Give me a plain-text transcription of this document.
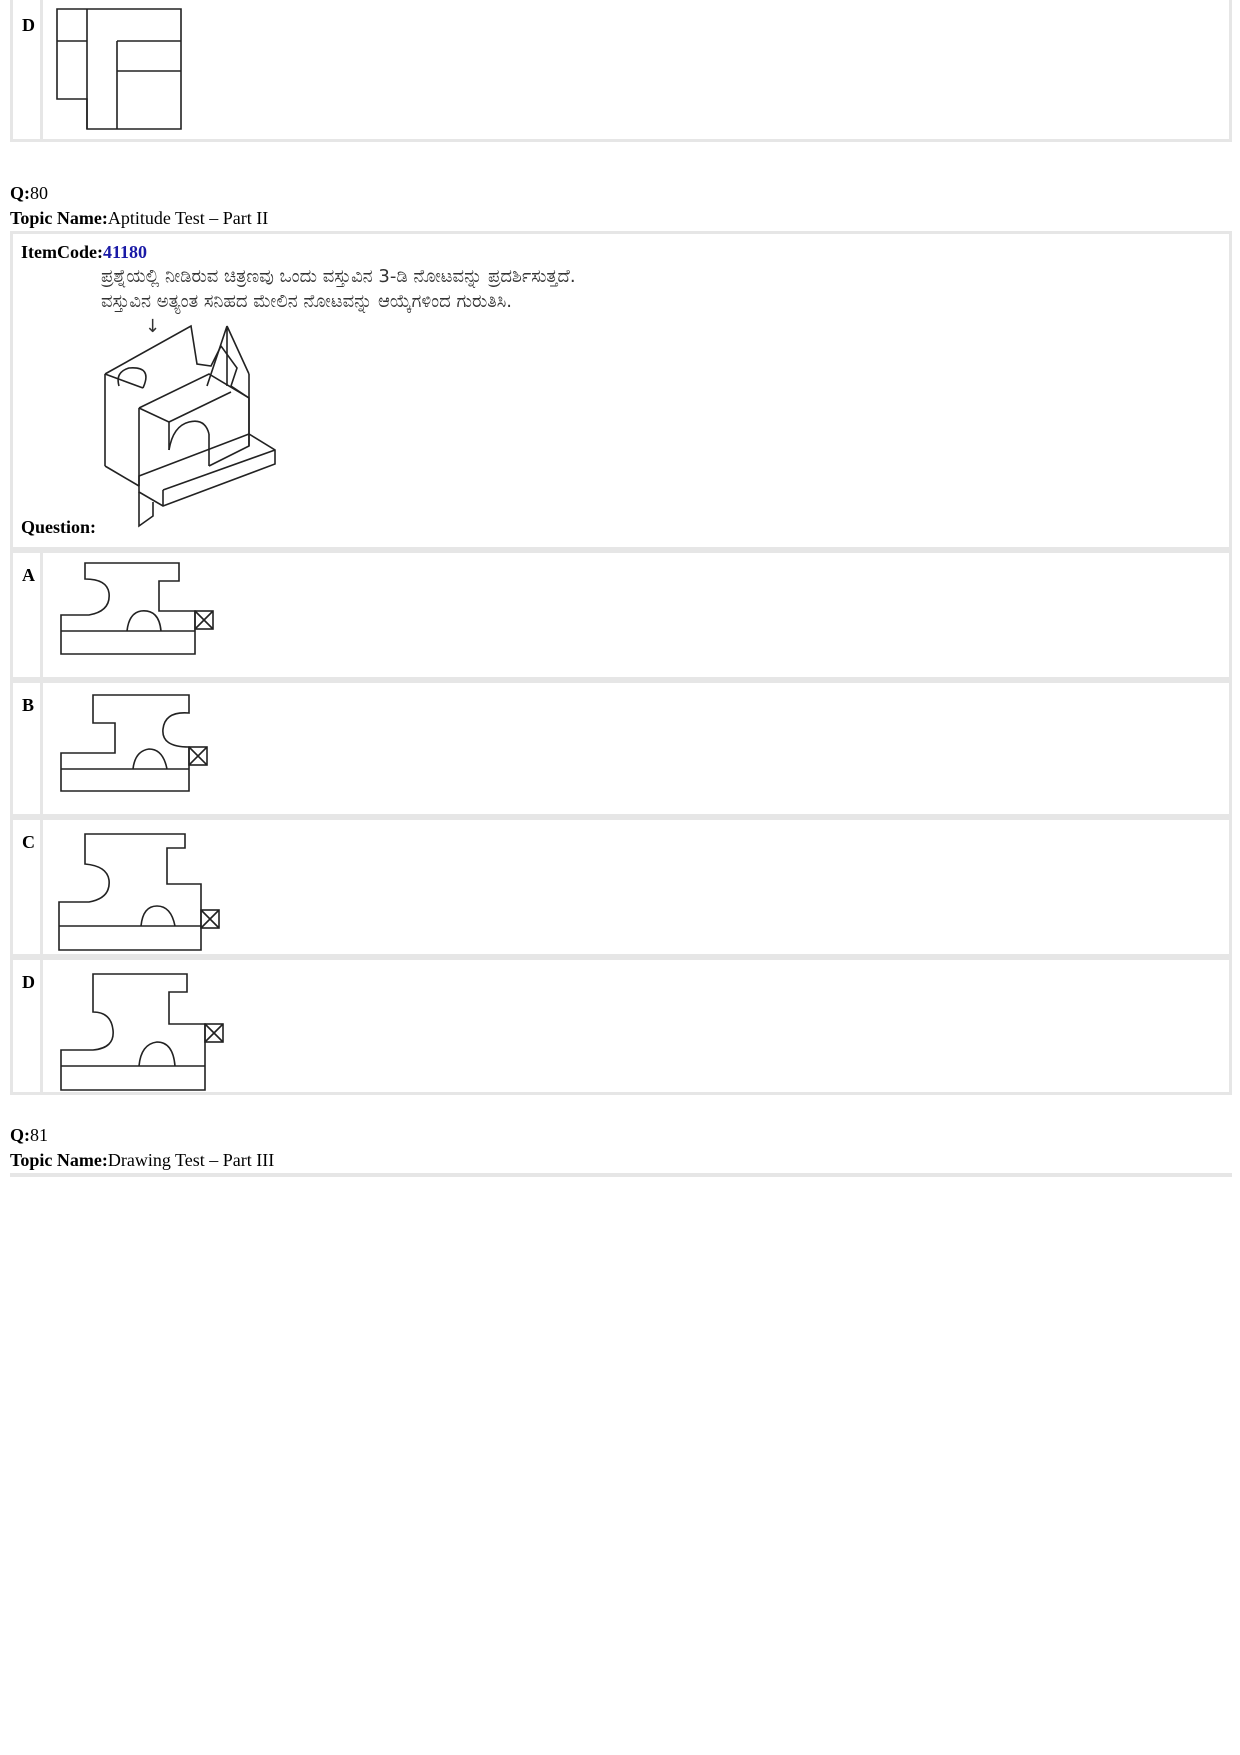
D
Q:80
Topic Name:Aptitude Test – Part II
ItemCode:41180
ಪ್ರಶ್ನೆಯಲ್ಲಿ ನೀಡಿರುವ ಚಿತ್ರಣವು ಒಂದು ವಸ್ತುವಿನ 3-ಡಿ ನೋಟವನ್ನು ಪ್ರದರ್ಶಿಸುತ್ತದೆ.
ವಸ್ತುವಿನ ಅತ್ಯಂತ ಸನಿಹದ ಮೇಲಿನ ನೋಟವನ್ನು ಆಯ್ಕೆಗಳಿಂದ ಗುರುತಿಸಿ.
↓
Question:
A
B
C
D
Q:81
Topic Name:Drawing Test – Part III
